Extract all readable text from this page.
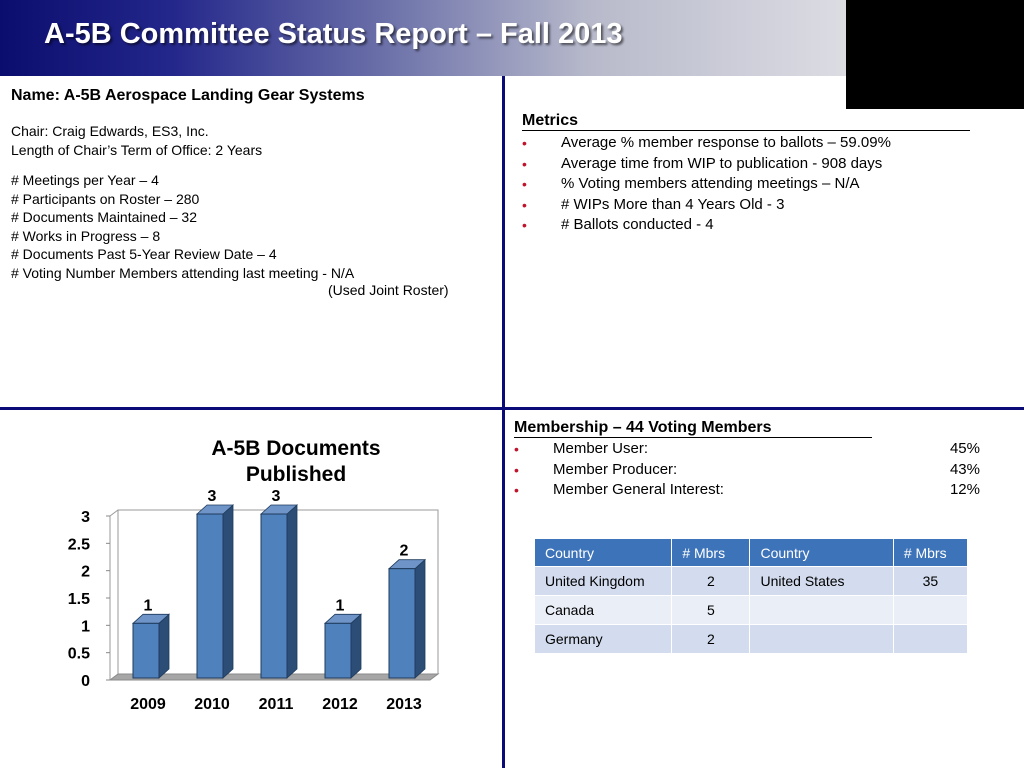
A-5B Committee Status Report – Fall 2013
Name: A-5B Aerospace Landing Gear Systems
Chair: Craig Edwards, ES3, Inc.
Length of Chair’s Term of Office: 2 Years
# Meetings per Year – 4
# Participants on Roster – 280
# Documents Maintained – 32
# Works in Progress – 8
# Documents Past 5-Year Review Date – 4
# Voting Number Members attending last meeting - N/A
(Used Joint Roster)
Metrics
• Average % member response to ballots – 59.09%
• Average time from WIP to publication - 908 days
• % Voting members attending meetings – N/A
• # WIPs More than 4 Years Old - 3
• # Ballots conducted - 4
Membership – 44 Voting Members
• Member User:	45%
• Member Producer:	43%
• Member General Interest:	12%
Country	# Mbrs	Country	# Mbrs
United Kingdom	2	United States	35
Canada	5		
Germany	2		
A-5B Documents Published
0
0.5
1
1.5
2
2.5
3
1
2009
3
2010
3
2011
1
2012
2
2013
